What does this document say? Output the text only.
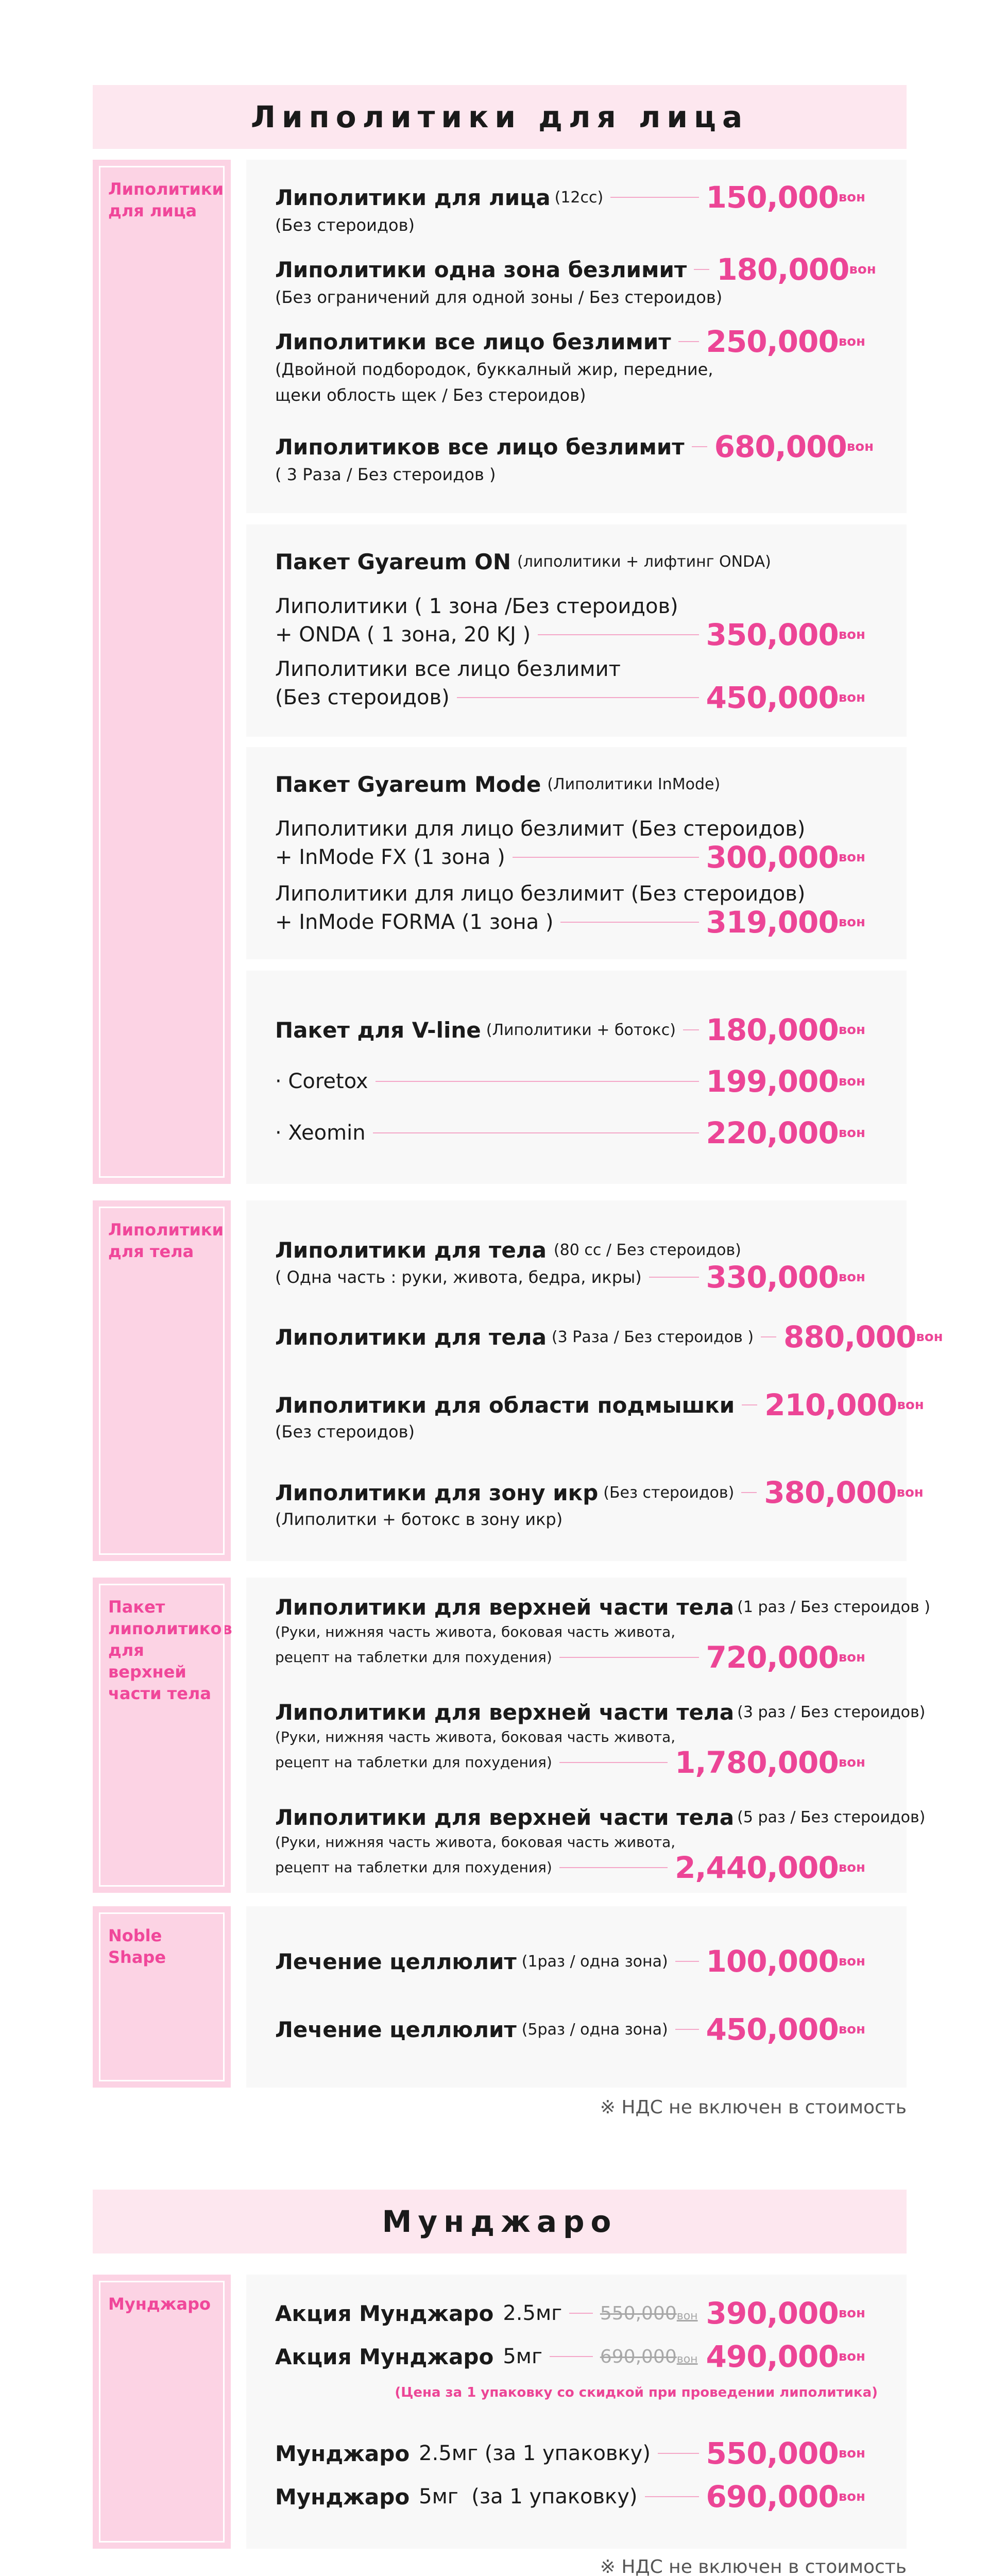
Липолитики для лица
Липолитики для лица
Липолитики для лица (12cc)	150,000 вон
(Без стероидов)
Липолитики одна зона безлимит 180,000 вон
(Без ограничений для одной зоны / Без стероидов)
Липолитики все лицо безлимит 250,000 вон
(Двойной подбородок, буккалный жир, передние,
щеки облость щек / Без стероидов)
Липолитиков все лицо безлимит 680,000 вон
( 3 Раза / Без стероидов )
Пакет Gyareum ON (липолитики + лифтинг ONDA)
Липолитики ( 1 зона /Без стероидов)
+ ONDA ( 1 зона, 20 KJ )	350,000 вон
Липолитики все лицо безлимит
(Без стероидов)	450,000 вон
Пакет Gyareum Mode (Липолитики InMode)
Липолитики для лицо безлимит (Без стероидов)
+ InMode FX (1 зона )	300,000 вон
Липолитики для лицо безлимит (Без стероидов)
+ InMode FORMA (1 зона )	319,000 вон
Пакет для V-line (Липолитики + ботокс) 180,000 вон
· Coretox	199,000 вон
· Xeomin	220,000 вон
Липолитики для тела	Липолитики для тела (80 cc / Без стероидов)
( Одна часть : руки, живота, бедра, икры) 330,000 вон
Липолитики для тела (3 Раза / Без стероидов ) 880,000 вон
Липолитики для области подмышки 210,000 вон
(Без стероидов)
Липолитики для зону икр (Без стероидов) 380,000 вон
(Липолитки + ботокс в зону икр)
Пакет липолитиков для верхней части тела
Липолитики для верхней части тела (1 раз / Без стероидов )
(Руки, нижняя часть живота, боковая часть живота,
рецепт на таблетки для похудения)	720,000 вон
Липолитики для верхней части тела (3 раз / Без стероидов)
(Руки, нижняя часть живота, боковая часть живота,
рецепт на таблетки для похудения)	1,780,000 вон
Липолитики для верхней части тела (5 раз / Без стероидов)
(Руки, нижняя часть живота, боковая часть живота,
рецепт на таблетки для похудения)	2,440,000 вон
Noble Shape	Лечение целлюлит (1раз / одна зона) 100,000 вон
Лечение целлюлит (5раз / одна зона) 450,000 вон
※ НДС не включен в стоимость
Мунджаро
Мунджаро	Акция Мунджаро 2.5мг 550,000вон 390,000 вон
Акция Мунджаро 5мг	690,000вон 490,000 вон
(Цена за 1 упаковку со скидкой при проведении липолитика)
Мунджаро 2.5мг (за 1 упаковку) 550,000 вон
Мунджаро 5мг  (за 1 упаковку) 690,000 вон
※ НДС не включен в стоимость
